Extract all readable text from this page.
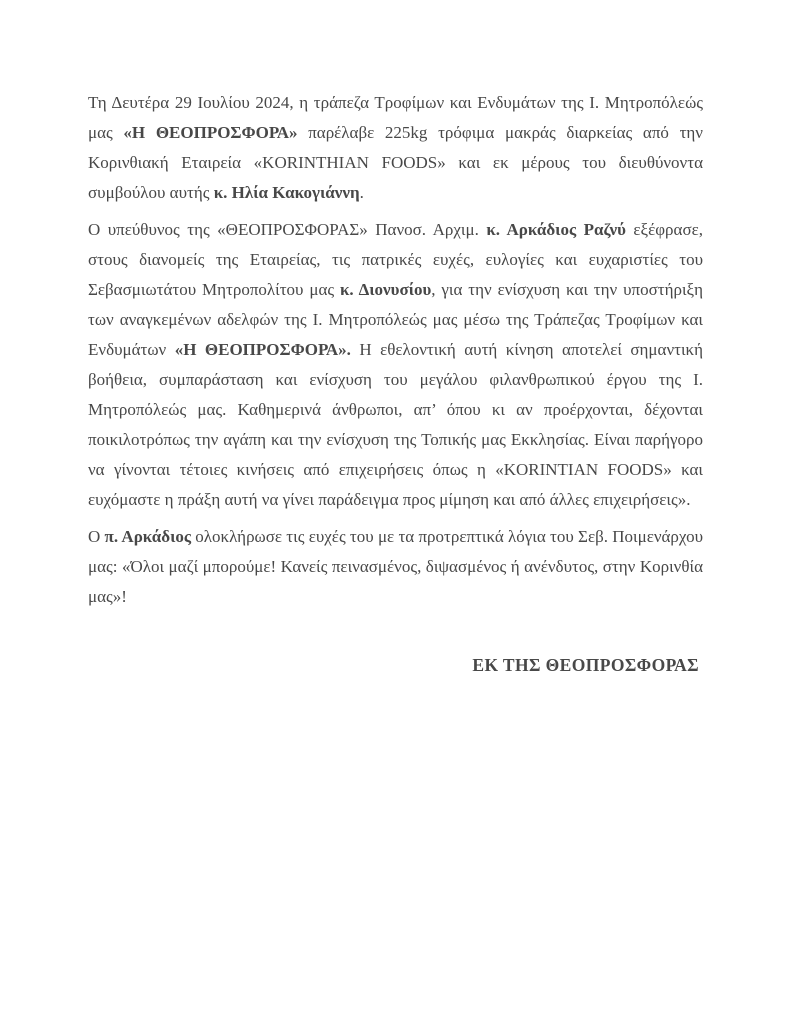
Τη Δευτέρα 29 Ιουλίου 2024, η τράπεζα Τροφίμων και Ενδυμάτων της Ι. Μητροπόλεώς
μας «Η ΘΕΟΠΡΟΣΦΟΡΑ» παρέλαβε 225kg τρόφιμα μακράς διαρκείας από την
Κορινθιακή Εταιρεία «KORINTHIAN FOODS» και εκ μέρους του διευθύνοντα
συμβούλου αυτής κ. Ηλία Κακογιάννη.
Ο υπεύθυνος της «ΘΕΟΠΡΟΣΦΟΡΑΣ» Πανοσ. Αρχιμ. κ. Αρκάδιος Ραζνύ εξέφρασε,
στους διανομείς της Εταιρείας, τις πατρικές ευχές, ευλογίες και ευχαριστίες του
Σεβασμιωτάτου Μητροπολίτου μας κ. Διονυσίου, για την ενίσχυση και την υποστήριξη
των αναγκεμένων αδελφών της Ι. Μητροπόλεώς μας μέσω της Τράπεζας Τροφίμων και
Ενδυμάτων «Η ΘΕΟΠΡΟΣΦΟΡΑ». Η εθελοντική αυτή κίνηση αποτελεί σημαντική
βοήθεια, συμπαράσταση και ενίσχυση του μεγάλου φιλανθρωπικού έργου της Ι.
Μητροπόλεώς μας. Καθημερινά άνθρωποι, απ’ όπου κι αν προέρχονται, δέχονται
ποικιλοτρόπως την αγάπη και την ενίσχυση της Τοπικής μας Εκκλησίας. Είναι παρήγορο
να γίνονται τέτοιες κινήσεις από επιχειρήσεις όπως η «KORINTIAN FOODS» και
ευχόμαστε η πράξη αυτή να γίνει παράδειγμα προς μίμηση και από άλλες επιχειρήσεις».
Ο π. Αρκάδιος ολοκλήρωσε τις ευχές του με τα προτρεπτικά λόγια του Σεβ. Ποιμενάρχου
μας: «Όλοι μαζί μπορούμε! Κανείς πεινασμένος, διψασμένος ή ανένδυτος, στην Κορινθία
μας»!
ΕΚ ΤΗΣ ΘΕΟΠΡΟΣΦΟΡΑΣ
